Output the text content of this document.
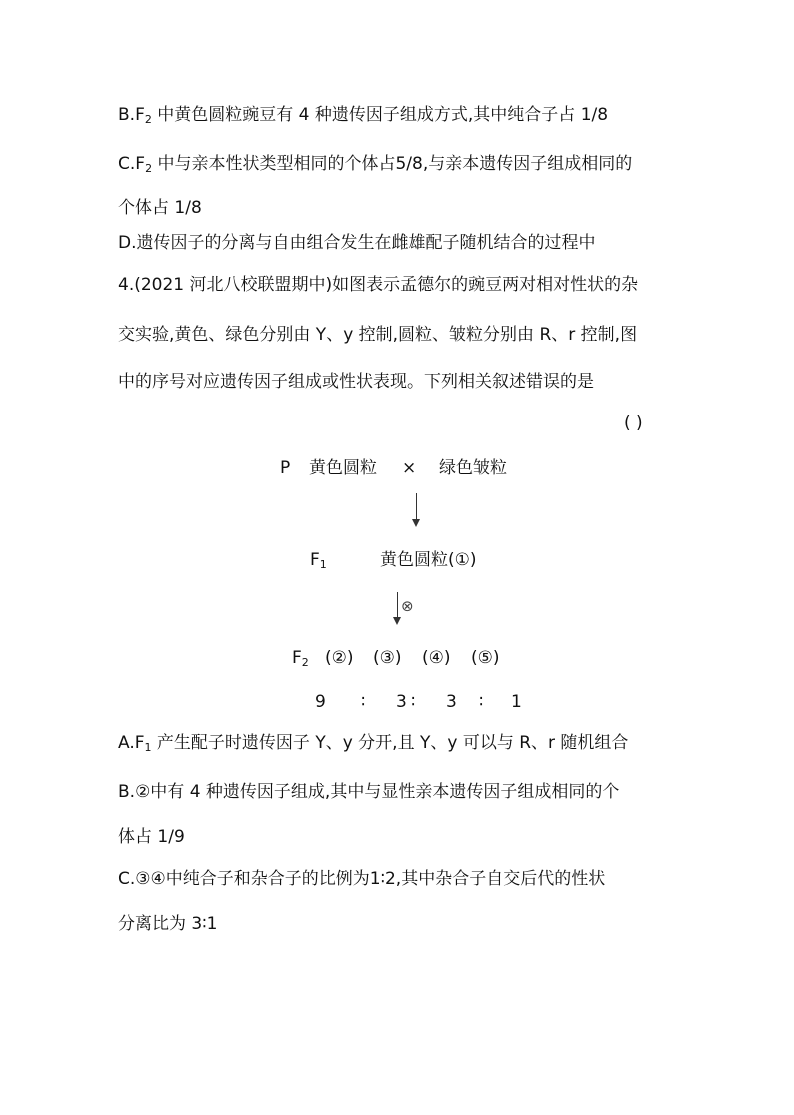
$B.F_2$ 中黄色圆粒豌豆有 4 种遗传因子组成方式,其中纯合子占 1/8
$C.F_2$ 中与亲本性状类型相同的个体占5/8,与亲本遗传因子组成相同的
个体占 1/8
D.遗传因子的分离与自由组合发生在雌雄配子随机结合的过程中
4.(2021 河北八校联盟期中)如图表示孟德尔的豌豆两对相对性状的杂
交实验,黄色、绿色分别由 Y、y 控制,圆粒、皱粒分别由 R、r 控制,图
中的序号对应遗传因子组成或性状表现。下列相关叙述错误的是
( )
P 黄色圆粒 × 绿色皱粒
$F_1$	黄色圆粒(①)
⊗
$F_2$ (②) (③) (④) (⑤)
9 ∶ 3 ∶ 3 ∶ 1
$A.F_1$ 产生配子时遗传因子 Y、y 分开,且 Y、y 可以与 R、r 随机组合
B.②中有 4 种遗传因子组成,其中与显性亲本遗传因子组成相同的个
体占 1/9
C.③④中纯合子和杂合子的比例为1∶2,其中杂合子自交后代的性状
分离比为 3∶1
